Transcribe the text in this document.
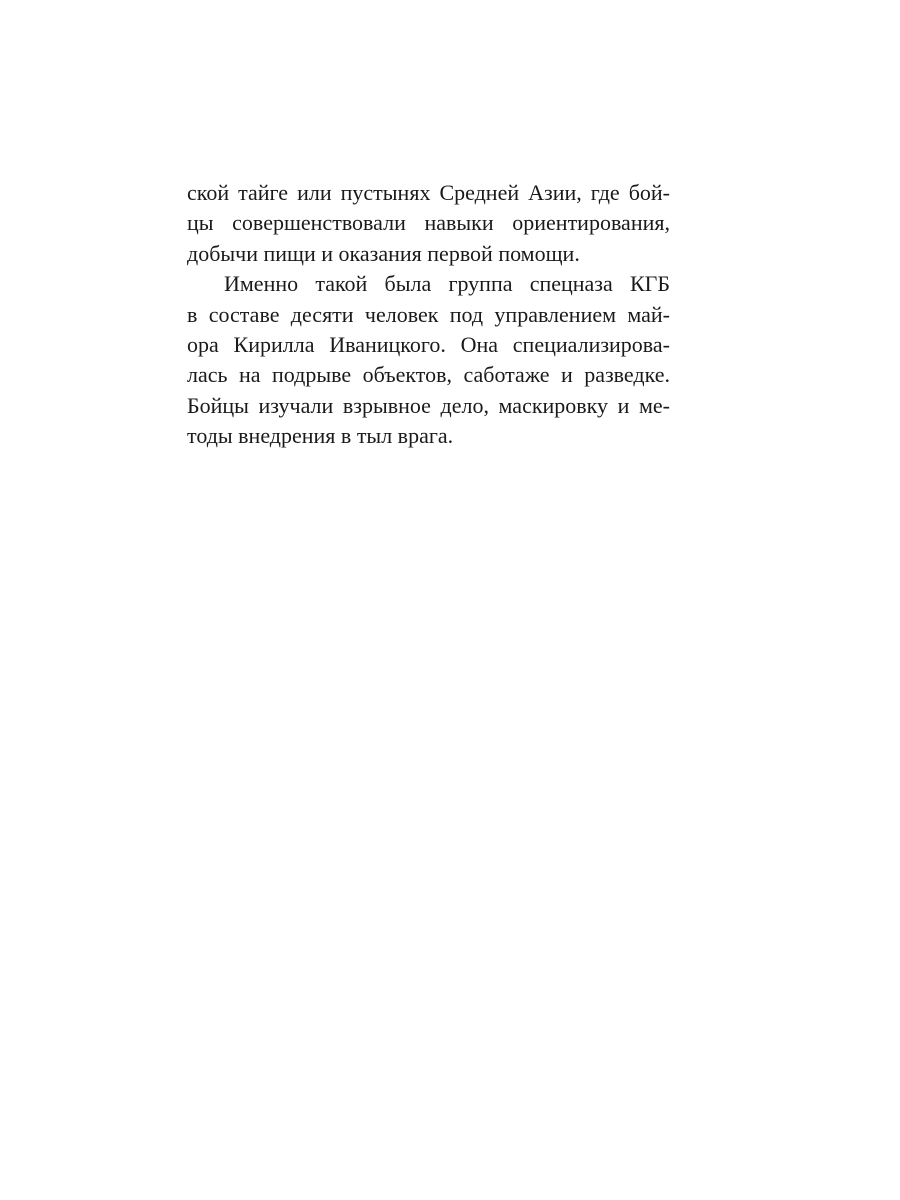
ской тайге или пустынях Средней Азии, где бой-
цы совершенствовали навыки ориентирования,
добычи пищи и оказания первой помощи.
Именно такой была группа спецназа КГБ
в составе десяти человек под управлением май-
ора Кирилла Иваницкого. Она специализирова-
лась на подрыве объектов, саботаже и разведке.
Бойцы изучали взрывное дело, маскировку и ме-
тоды внедрения в тыл врага.
